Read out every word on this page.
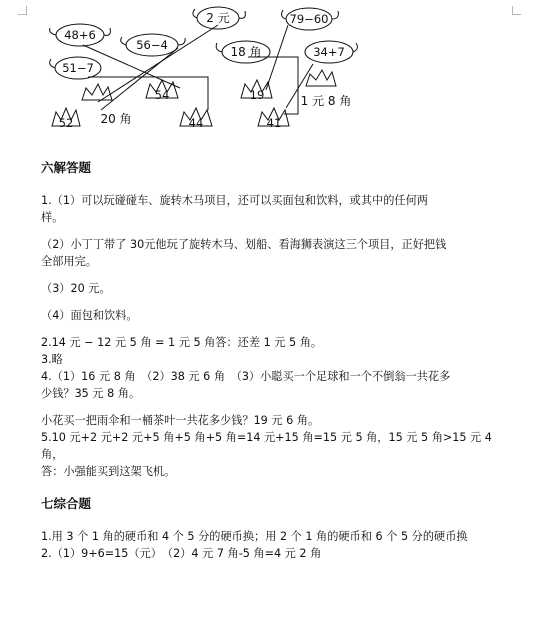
48+6
56−4
51−7
2 元	79−60
18 角	34+7
52
54
44
19
41
20 角
1 元 8 角

六解答题

1.（1）可以玩碰碰车、旋转木马项目，还可以买面包和饮料，或其中的任何两

样。

（2）小丁丁带了 30元他玩了旋转木马、划船、看海狮表演这三个项目，正好把钱

全部用完。

（3）20 元。

（4）面包和饮料。

2.14 元 − 12 元 5 角 = 1 元 5 角答：还差 1 元 5 角。

3.略

4.（1）16 元 8 角　（2）38 元 6 角　（3）小聪买一个足球和一个不倒翁一共花多

少钱？35 元 8 角。

小花买一把雨伞和一桶茶叶一共花多少钱？19 元 6 角。

5.10 元+2 元+2 元+5 角+5 角+5 角=14 元+15 角=15 元 5 角，15 元 5 角>15 元 4 角，

答：小强能买到这架飞机。

七综合题

1.用 3 个 1 角的硬币和 4 个 5 分的硬币换；用 2 个 1 角的硬币和 6 个 5 分的硬币换

2.（1）9+6=15（元）　（2）4 元 7 角-5 角=4 元 2 角
